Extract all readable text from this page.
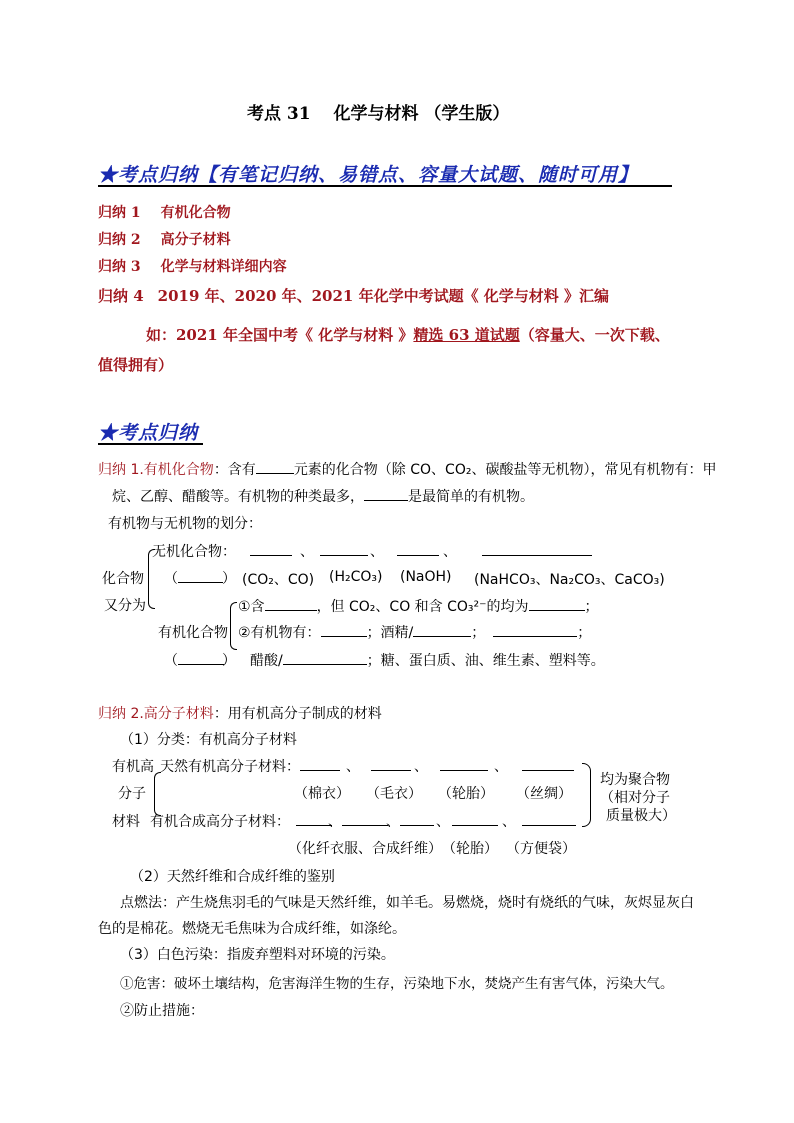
考点 31　 化学与材料 （学生版）
★考点归纳【有笔记归纳、易错点、容量大试题、随时可用】
归纳 1 有机化合物
归纳 2 高分子材料
归纳 3 化学与材料详细内容
归纳 4 2019 年、2020 年、2021 年化学中考试题《 化学与材料 》汇编
如：2021 年全国中考《 化学与材料 》精选 63 道试题（容量大、一次下载、
值得拥有）
★考点归纳
归纳 1.有机化合物：含有	元素的化合物（除 CO、CO₂、碳酸盐等无机物），常见有机物有：甲
烷、乙醇、醋酸等。有机物的种类最多，	是最简单的有机物。
有机物与无机物的划分：
无机化合物：	、	、	、
化合物
又分为
（	） (CO₂、CO) (H₂CO₃) (NaOH) (NaHCO₃、Na₂CO₃、CaCO₃)
①含	，但 CO₂、CO 和含 CO₃²⁻的均为	；
有机化合物 ②有机物有：	；酒精/	；	；
（	） 醋酸/	；糖、蛋白质、油、维生素、塑料等。
归纳 2.高分子材料：用有机高分子制成的材料
（1）分类：有机高分子材料
有机高
分子
材料
天然有机高分子材料：	、	、	、
（棉衣） （毛衣） （轮胎） （丝绸）
有机合成高分子材料：	、	、	、	、
（化纤衣服、合成纤维） （轮胎） （方便袋）
均为聚合物
（相对分子
质量极大）
（2）天然纤维和合成纤维的鉴别
点燃法：产生烧焦羽毛的气味是天然纤维，如羊毛。易燃烧，烧时有烧纸的气味，灰烬显灰白
色的是棉花。燃烧无毛焦味为合成纤维，如涤纶。
（3）白色污染：指废弃塑料对环境的污染。
①危害：破坏土壤结构，危害海洋生物的生存，污染地下水，焚烧产生有害气体，污染大气。
②防止措施：
